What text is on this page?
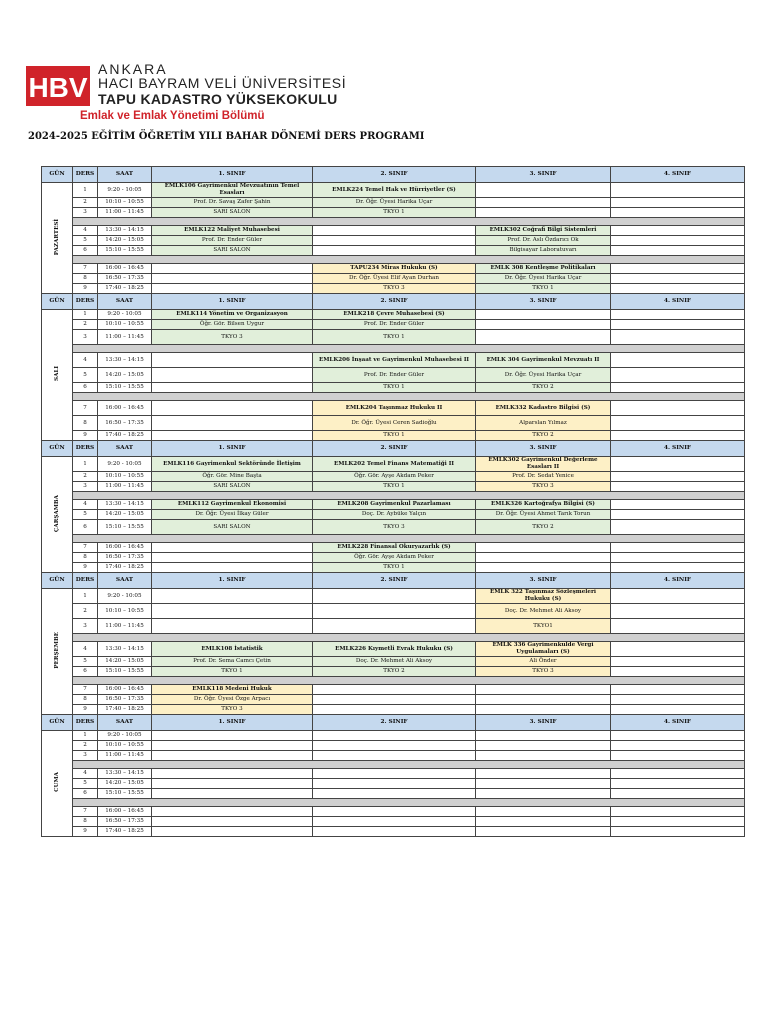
HBV
ANKARA
HACI BAYRAM VELİ ÜNİVERSİTESİ
TAPU KADASTRO YÜKSEKOKULU
Emlak ve Emlak Yönetimi Bölümü
2024-2025 EĞİTİM ÖĞRETİM YILI BAHAR DÖNEMİ DERS PROGRAMI
GÜN	DERS	SAAT	1. SINIF	2. SINIF	3. SINIF	4. SINIF
PAZARTESİ	1	9:20 - 10:05	EMLK106 Gayrimenkul Mevzuatının Temel Esasları	EMLK224 Temel Hak ve Hürriyetler (S)		
	2	10:10 – 10:55	Prof. Dr. Savaş Zafer Şahin	Dr. Öğr. Üyesi Harika Uçar		
	3	11:00 – 11:45	SARI SALON	TKYO 1		

	4	13:30 – 14:15	EMLK122 Maliyet Muhasebesi		EMLK302 Coğrafi Bilgi Sistemleri	
	5	14:20 – 15:05	Prof. Dr. Ender Güler		Prof. Dr. Aslı Özdarıcı Ok	
	6	15:10 – 15:55	SARI SALON		Bilgisayar Laboratuvarı	

	7	16:00 – 16:45		TAPU234 Miras Hukuku (S)	EMLK 308 Kentleşme Politikaları	
	8	16:50 – 17:35		Dr. Öğr. Üyesi Elif Ayan Durhan	Dr. Öğr. Üyesi Harika Uçar	
	9	17:40 – 18:25		TKYO 3	TKYO 1	
GÜN	DERS	SAAT	1. SINIF	2. SINIF	3. SINIF	4. SINIF
SALI	1	9:20 - 10:05	EMLK114 Yönetim ve Organizasyon	EMLK218 Çevre Muhasebesi (S)		
	2	10:10 – 10:55	Öğr. Gör. Bilsen Uygur	Prof. Dr. Ender Güler		
	3	11:00 – 11:45	TKYO 3	TKYO 1		

	4	13:30 – 14:15		EMLK206 İnşaat ve Gayrimenkul Muhasebesi II	EMLK 304 Gayrimenkul Mevzuatı II	
	5	14:20 – 15:05		Prof. Dr. Ender Güler	Dr. Öğr. Üyesi Harika Uçar	
	6	15:10 – 15:55		TKYO 1	TKYO 2	

	7	16:00 – 16:45		EMLK204 Taşınmaz Hukuku II	EMLK332 Kadastro Bilgisi (S)	
	8	16:50 – 17:35		Dr. Öğr. Üyesi Ceren Sadioğlu	Alparslan Yılmaz	
	9	17:40 – 18:25		TKYO 1	TKYO 2	
GÜN	DERS	SAAT	1. SINIF	2. SINIF	3. SINIF	4. SINIF
ÇARŞAMBA	1	9:20 - 10:05	EMLK116 Gayrimenkul Sektöründe İletişim	EMLK202 Temel Finans Matematiği II	EMLK302 Gayrimenkul Değerleme Esasları II	
	2	10:10 – 10:55	Öğr. Gör. Mine Başta	Öğr. Gör. Ayşe Akdam Peker	Prof. Dr. Sedat Yenice	
	3	11:00 – 11:45	SARI SALON	TKYO 1	TKYO 3	

	4	13:30 – 14:15	EMLK112 Gayrimenkul Ekonomisi	EMLK208 Gayrimenkul Pazarlaması	EMLK326 Kartoğrafya Bilgisi (S)	
	5	14:20 – 15:05	Dr. Öğr. Üyesi İlkay Güler	Doç. Dr. Aybüke Yalçın	Dr. Öğr. Üyesi Ahmet Tarık Torun	
	6	15:10 – 15:55	SARI SALON	TKYO 3	TKYO 2	

	7	16:00 – 16:45		EMLK228 Finansal Okuryazarlık (S)		
	8	16:50 – 17:35		Öğr. Gör. Ayşe Akdam Peker		
	9	17:40 – 18:25		TKYO 1		
GÜN	DERS	SAAT	1. SINIF	2. SINIF	3. SINIF	4. SINIF
PERŞEMBE	1	9:20 - 10:05			EMLK 322 Taşınmaz Sözleşmeleri Hukuku (S)	
	2	10:10 – 10:55			Doç. Dr. Mehmet Ali Aksoy	
	3	11:00 – 11:45			TKYO1	

	4	13:30 – 14:15	EMLK108 İstatistik	EMLK226 Kıymetli Evrak Hukuku (S)	EMLK 336 Gayrimenkulde Vergi Uygulamaları (S)	
	5	14:20 – 15:05	Prof. Dr. Sema Camcı Çetin	Doç. Dr. Mehmet Ali Aksoy	Ali Önder	
	6	15:10 – 15:55	TKYO 1	TKYO 2	TKYO 3	

	7	16:00 – 16:45	EMLK118 Medeni Hukuk			
	8	16:50 – 17:35	Dr. Öğr. Üyesi Özge Arpacı			
	9	17:40 – 18:25	TKYO 3			
GÜN	DERS	SAAT	1. SINIF	2. SINIF	3. SINIF	4. SINIF
CUMA	1	9:20 - 10:05				
	2	10:10 – 10:55				
	3	11:00 – 11:45				

	4	13:30 – 14:15				
	5	14:20 – 15:05				
	6	15:10 – 15:55				

	7	16:00 – 16:45				
	8	16:50 – 17:35				
	9	17:40 – 18:25				
